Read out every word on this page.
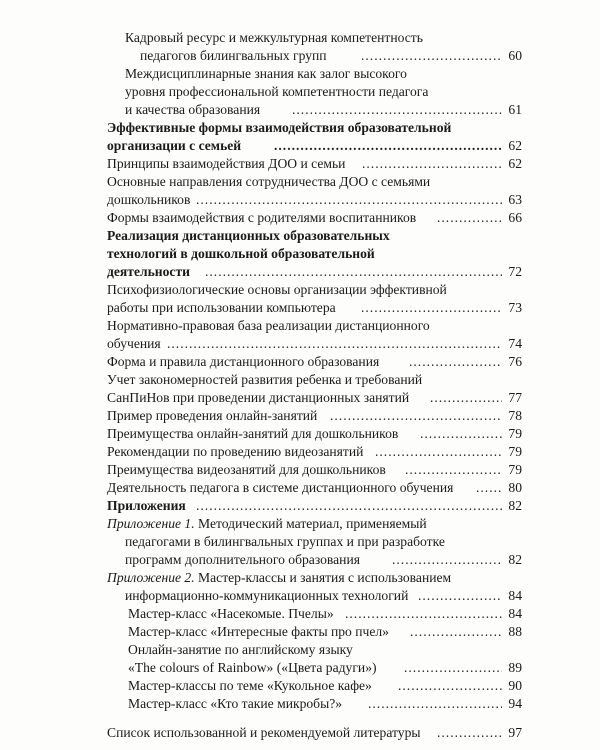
Кадровый ресурс и межкультурная компетентность
педагогов билингвальных групп .....	60
Междисциплинарные знания как залог высокого
уровня профессиональной компетентности педагога
и качества образования .....	61
Эффективные формы взаимодействия образовательной
организации с семьей .....	62
Принципы взаимодействия ДОО и семьи .....	62
Основные направления сотрудничества ДОО с семьями
дошкольников .....	63
Формы взаимодействия с родителями воспитанников .....	66
Реализация дистанционных образовательных
технологий в дошкольной образовательной
деятельности .....	72
Психофизиологические основы организации эффективной
работы при использовании компьютера .....	73
Нормативно-правовая база реализации дистанционного
обучения .....	74
Форма и правила дистанционного образования .....	76
Учет закономерностей развития ребенка и требований
СанПиНов при проведении дистанционных занятий .....	77
Пример проведения онлайн-занятий .....	78
Преимущества онлайн-занятий для дошкольников .....	79
Рекомендации по проведению видеозанятий .....	79
Преимущества видеозанятий для дошкольников .....	79
Деятельность педагога в системе дистанционного обучения .....	80
Приложения .....	82
Приложение 1. Методический материал, применяемый
педагогами в билингвальных группах и при разработке
программ дополнительного образования .....	82
Приложение 2. Мастер-классы и занятия с использованием
информационно-коммуникационных технологий .....	84
Мастер-класс «Насекомые. Пчелы» .....	84
Мастер-класс «Интересные факты про пчел» .....	88
Онлайн-занятие по английскому языку
«The colours of Rainbow» («Цвета радуги») .....	89
Мастер-классы по теме «Кукольное кафе» .....	90
Мастер-класс «Кто такие микробы?» .....	94
Список использованной и рекомендуемой литературы .....	97
